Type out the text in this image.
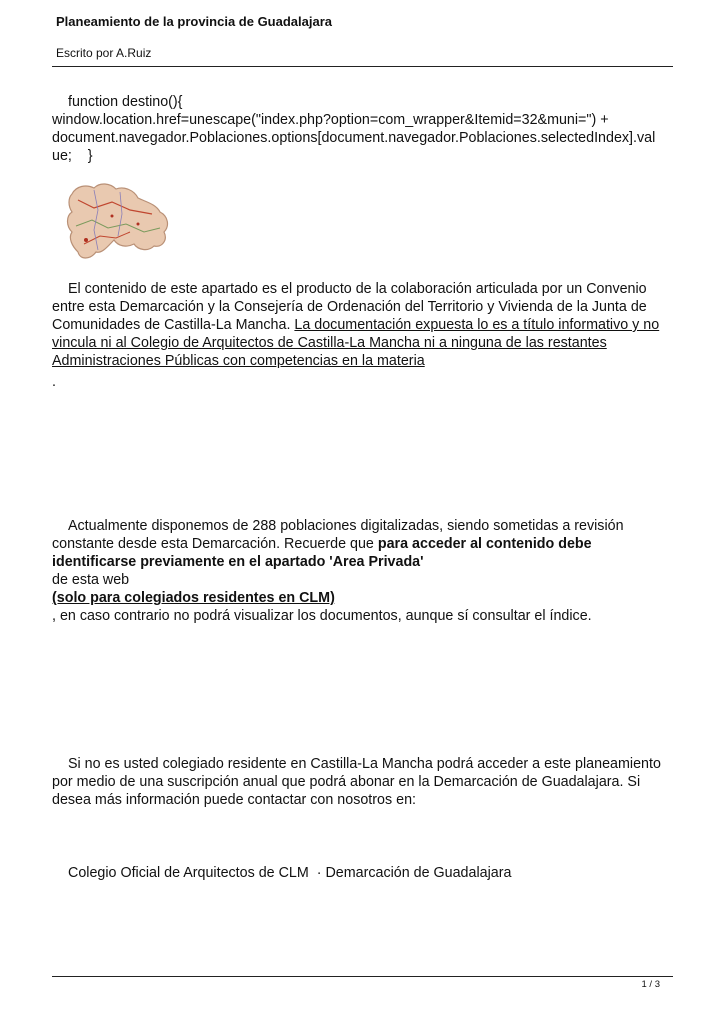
Planeamiento de la provincia de Guadalajara
Escrito por A.Ruiz
function destino(){
window.location.href=unescape("index.php?option=com_wrapper&Itemid=32&muni=") +
document.navegador.Poblaciones.options[document.navegador.Poblaciones.selectedIndex].val
ue;    }
El contenido de este apartado es el producto de la colaboración articulada por un Convenio entre esta Demarcación y la Consejería de Ordenación del Territorio y Vivienda de la Junta de Comunidades de Castilla-La Mancha. La documentación expuesta lo es a título informativo y no vincula ni al Colegio de Arquitectos de Castilla-La Mancha ni a ninguna de las restantes Administraciones Públicas con competencias en la materia
.
Actualmente disponemos de 288 poblaciones digitalizadas, siendo sometidas a revisión constante desde esta Demarcación. Recuerde que para acceder al contenido debe identificarse previamente en el apartado 'Area Privada'
de esta web
(solo para colegiados residentes en CLM)
, en caso contrario no podrá visualizar los documentos, aunque sí consultar el índice.
Si no es usted colegiado residente en Castilla-La Mancha podrá acceder a este planeamiento por medio de una suscripción anual que podrá abonar en la Demarcación de Guadalajara. Si desea más información puede contactar con nosotros en:
Colegio Oficial de Arquitectos de CLM  · Demarcación de Guadalajara
1 / 3
